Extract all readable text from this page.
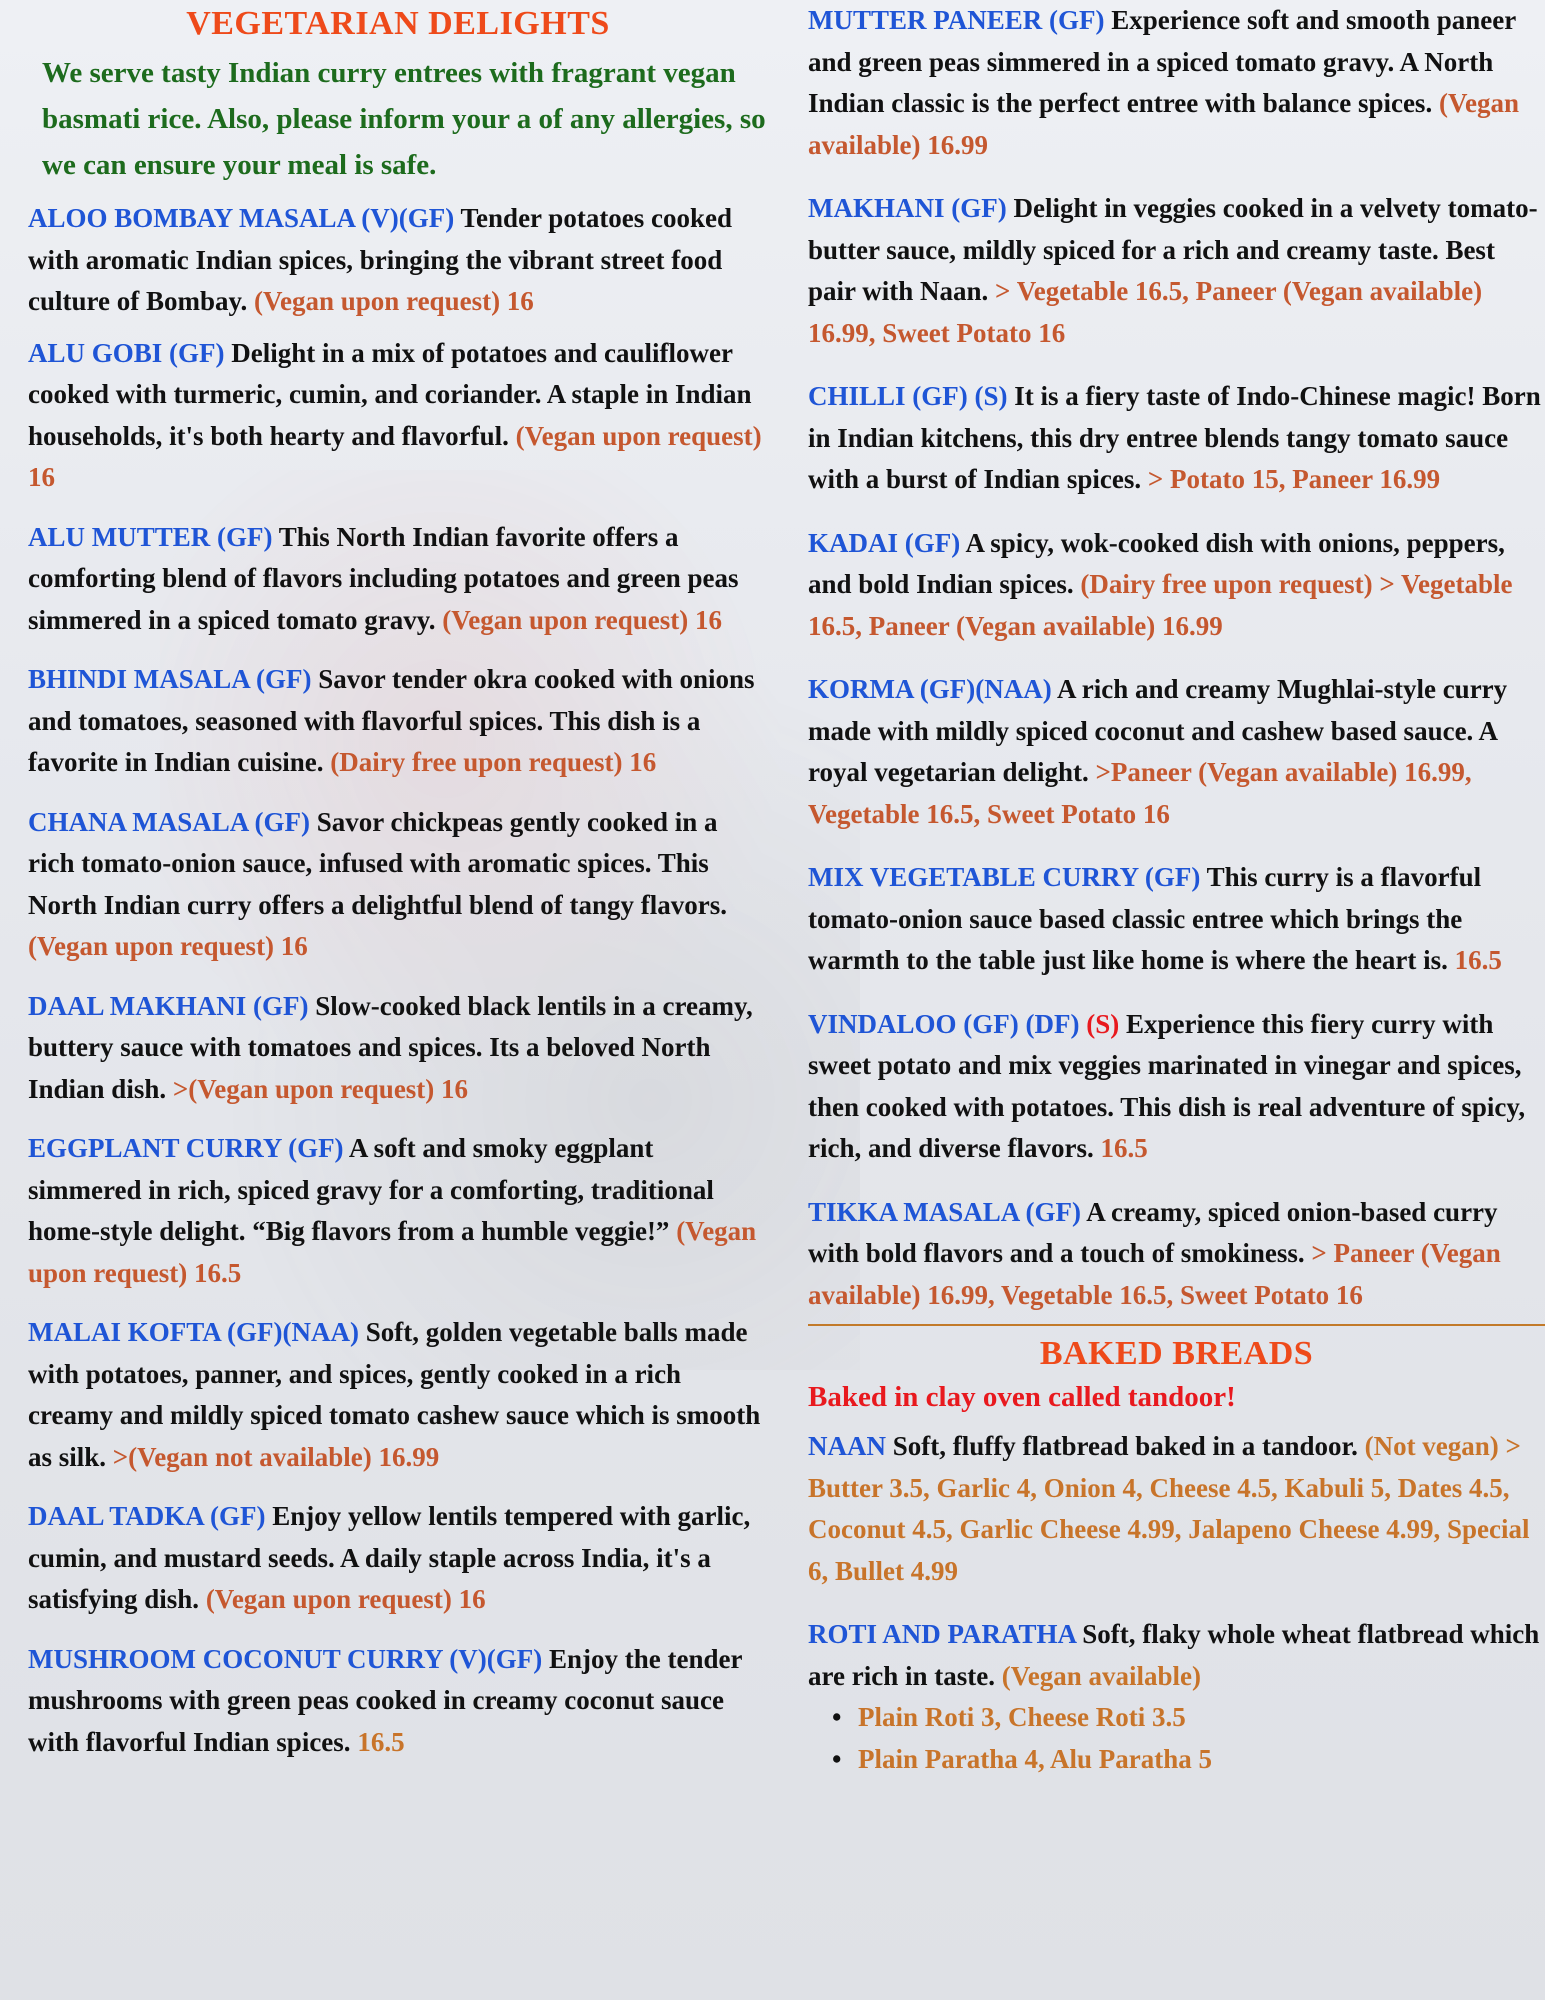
VEGETARIAN DELIGHTS

We serve tasty Indian curry entrees with fragrant vegan basmati rice. Also, please inform your a of any allergies, so we can ensure your meal is safe.

ALOO BOMBAY MASALA (V)(GF) Tender potatoes cooked with aromatic Indian spices, bringing the vibrant street food culture of Bombay. (Vegan upon request) 16
ALU GOBI (GF) Delight in a mix of potatoes and cauliflower cooked with turmeric, cumin, and coriander. A staple in Indian households, it's both hearty and flavorful. (Vegan upon request) 16
ALU MUTTER (GF) This North Indian favorite offers a comforting blend of flavors including potatoes and green peas simmered in a spiced tomato gravy. (Vegan upon request) 16
BHINDI MASALA (GF) Savor tender okra cooked with onions and tomatoes, seasoned with flavorful spices. This dish is a favorite in Indian cuisine. (Dairy free upon request) 16
CHANA MASALA (GF) Savor chickpeas gently cooked in a rich tomato-onion sauce, infused with aromatic spices. This North Indian curry offers a delightful blend of tangy flavors. (Vegan upon request) 16
DAAL MAKHANI (GF) Slow-cooked black lentils in a creamy, buttery sauce with tomatoes and spices. Its a beloved North Indian dish. >(Vegan upon request) 16
EGGPLANT CURRY (GF) A soft and smoky eggplant simmered in rich, spiced gravy for a comforting, traditional home-style delight. “Big flavors from a humble veggie!” (Vegan upon request) 16.5
MALAI KOFTA (GF)(NAA) Soft, golden vegetable balls made with potatoes, panner, and spices, gently cooked in a rich creamy and mildly spiced tomato cashew sauce which is smooth as silk. >(Vegan not available) 16.99
DAAL TADKA (GF) Enjoy yellow lentils tempered with garlic, cumin, and mustard seeds. A daily staple across India, it's a satisfying dish. (Vegan upon request) 16
MUSHROOM COCONUT CURRY (V)(GF) Enjoy the tender mushrooms with green peas cooked in creamy coconut sauce with flavorful Indian spices. 16.5
MUTTER PANEER (GF) Experience soft and smooth paneer and green peas simmered in a spiced tomato gravy. A North Indian classic is the perfect entree with balance spices. (Vegan available) 16.99
MAKHANI (GF) Delight in veggies cooked in a velvety tomato-butter sauce, mildly spiced for a rich and creamy taste. Best pair with Naan. > Vegetable 16.5, Paneer (Vegan available) 16.99, Sweet Potato 16
CHILLI (GF) (S) It is a fiery taste of Indo-Chinese magic! Born in Indian kitchens, this dry entree blends tangy tomato sauce with a burst of Indian spices. > Potato 15, Paneer 16.99
KADAI (GF) A spicy, wok-cooked dish with onions, peppers, and bold Indian spices. (Dairy free upon request) > Vegetable 16.5, Paneer (Vegan available) 16.99
KORMA (GF)(NAA) A rich and creamy Mughlai-style curry made with mildly spiced coconut and cashew based sauce. A royal vegetarian delight. >Paneer (Vegan available) 16.99, Vegetable 16.5, Sweet Potato 16
MIX VEGETABLE CURRY (GF) This curry is a flavorful tomato-onion sauce based classic entree which brings the warmth to the table just like home is where the heart is. 16.5
VINDALOO (GF) (DF) (S) Experience this fiery curry with sweet potato and mix veggies marinated in vinegar and spices, then cooked with potatoes. This dish is real adventure of spicy, rich, and diverse flavors. 16.5
TIKKA MASALA (GF) A creamy, spiced onion-based curry with bold flavors and a touch of smokiness. > Paneer (Vegan available) 16.99, Vegetable 16.5, Sweet Potato 16
BAKED BREADS

Baked in clay oven called tandoor!

NAAN Soft, fluffy flatbread baked in a tandoor. (Not vegan) > Butter 3.5, Garlic 4, Onion 4, Cheese 4.5, Kabuli 5, Dates 4.5, Coconut 4.5, Garlic Cheese 4.99, Jalapeno Cheese 4.99, Special 6, Bullet 4.99
ROTI AND PARATHA Soft, flaky whole wheat flatbread which are rich in taste. (Vegan available)
• Plain Roti 3, Cheese Roti 3.5
• Plain Paratha 4, Alu Paratha 5
